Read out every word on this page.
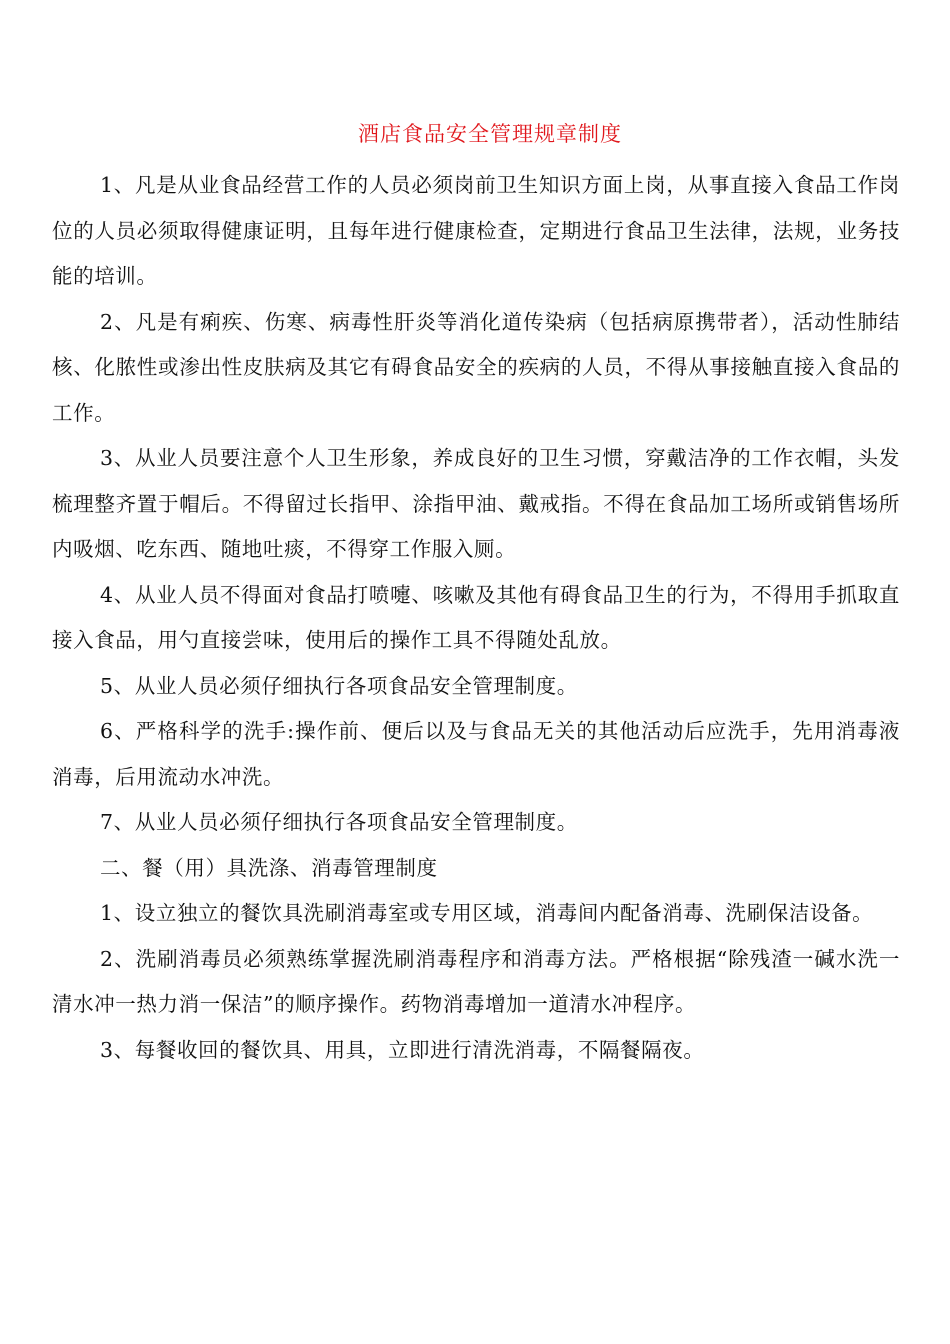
酒店食品安全管理规章制度

1、凡是从业食品经营工作的人员必须岗前卫生知识方面上岗，从事直接入食品工作岗位的人员必须取得健康证明，且每年进行健康检查，定期进行食品卫生法律，法规，业务技能的培训。

2、凡是有痢疾、伤寒、病毒性肝炎等消化道传染病（包括病原携带者），活动性肺结核、化脓性或渗出性皮肤病及其它有碍食品安全的疾病的人员，不得从事接触直接入食品的工作。

3、从业人员要注意个人卫生形象，养成良好的卫生习惯，穿戴洁净的工作衣帽，头发梳理整齐置于帽后。不得留过长指甲、涂指甲油、戴戒指。不得在食品加工场所或销售场所内吸烟、吃东西、随地吐痰，不得穿工作服入厕。

4、从业人员不得面对食品打喷嚏、咳嗽及其他有碍食品卫生的行为，不得用手抓取直接入食品，用勺直接尝味，使用后的操作工具不得随处乱放。

5、从业人员必须仔细执行各项食品安全管理制度。

6、严格科学的洗手:操作前、便后以及与食品无关的其他活动后应洗手，先用消毒液消毒，后用流动水冲洗。

7、从业人员必须仔细执行各项食品安全管理制度。

二、餐（用）具洗涤、消毒管理制度

1、设立独立的餐饮具洗刷消毒室或专用区域，消毒间内配备消毒、洗刷保洁设备。

2、洗刷消毒员必须熟练掌握洗刷消毒程序和消毒方法。严格根据“除残渣一碱水洗一清水冲一热力消一保洁”的顺序操作。药物消毒增加一道清水冲程序。

3、每餐收回的餐饮具、用具，立即进行清洗消毒，不隔餐隔夜。
